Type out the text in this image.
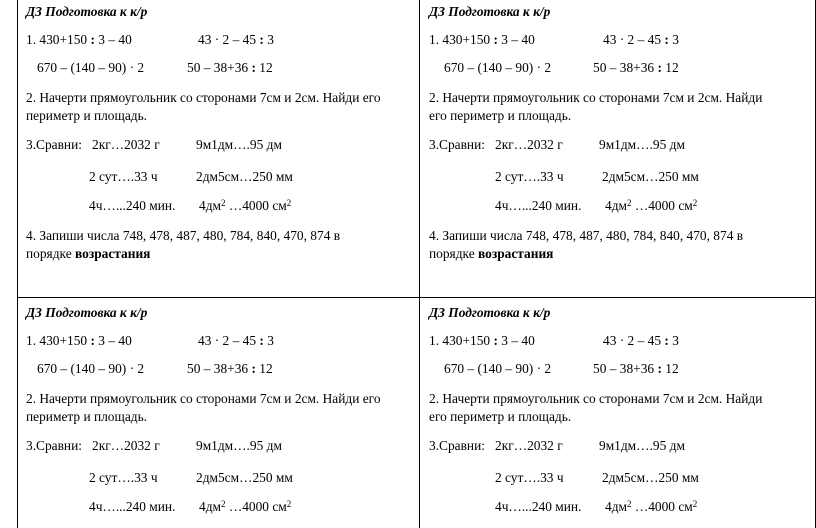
ДЗ Подготовка к к/р
1. 430+150 : 3 – 40	43 · 2 – 45 : 3
670 – (140 – 90) · 2	50 – 38+36 : 12
2. Начерти прямоугольник со сторонами 7см и 2см. Найди его
периметр и площадь.
3.Сравни: 2кг…2032 г	9м1дм….95 дм
2 сут….33 ч	2дм5см…250 мм
4ч…...240 мин. $4дм^2$ …4000 $см^2$
4. Запиши числа 748, 478, 487, 480, 784, 840, 470, 874 в
порядке возрастания
ДЗ Подготовка к к/р
1. 430+150 : 3 – 40	43 · 2 – 45 : 3
670 – (140 – 90) · 2	50 – 38+36 : 12
2. Начерти прямоугольник со сторонами 7см и 2см. Найди
его периметр и площадь.
3.Сравни: 2кг…2032 г	9м1дм….95 дм
2 сут….33 ч	2дм5см…250 мм
4ч…...240 мин. $4дм^2$ …4000 $см^2$
4. Запиши числа 748, 478, 487, 480, 784, 840, 470, 874 в
порядке возрастания
ДЗ Подготовка к к/р
1. 430+150 : 3 – 40	43 · 2 – 45 : 3
670 – (140 – 90) · 2	50 – 38+36 : 12
2. Начерти прямоугольник со сторонами 7см и 2см. Найди его
периметр и площадь.
3.Сравни: 2кг…2032 г	9м1дм….95 дм
2 сут….33 ч	2дм5см…250 мм
4ч…...240 мин. $4дм^2$ …4000 $см^2$
ДЗ Подготовка к к/р
1. 430+150 : 3 – 40	43 · 2 – 45 : 3
670 – (140 – 90) · 2	50 – 38+36 : 12
2. Начерти прямоугольник со сторонами 7см и 2см. Найди
его периметр и площадь.
3.Сравни: 2кг…2032 г	9м1дм….95 дм
2 сут….33 ч	2дм5см…250 мм
4ч…...240 мин. $4дм^2$ …4000 $см^2$
